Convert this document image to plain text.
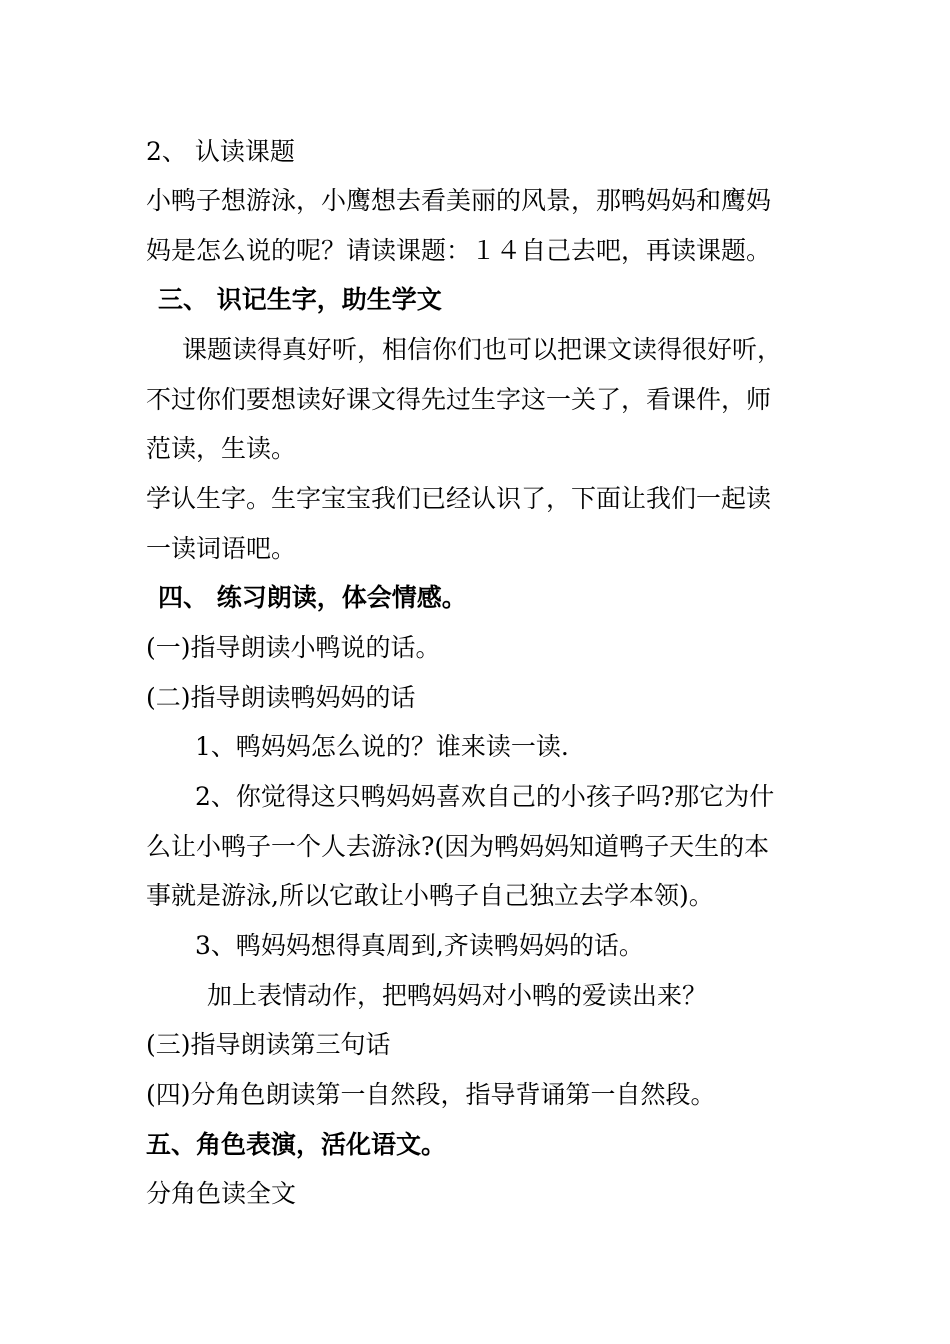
2、 认读课题
小鸭子想游泳，小鹰想去看美丽的风景，那鸭妈妈和鹰妈
妈是怎么说的呢？请读课题：１４自己去吧，再读课题。
三、 识记生字，助生学文
课题读得真好听，相信你们也可以把课文读得很好听，
不过你们要想读好课文得先过生字这一关了，看课件，师
范读，生读。
学认生字。生字宝宝我们已经认识了，下面让我们一起读
一读词语吧。
四、 练习朗读，体会情感。
(一)指导朗读小鸭说的话。
(二)指导朗读鸭妈妈的话
1、鸭妈妈怎么说的？谁来读一读.
2、你觉得这只鸭妈妈喜欢自己的小孩子吗?那它为什
么让小鸭子一个人去游泳?(因为鸭妈妈知道鸭子天生的本
事就是游泳,所以它敢让小鸭子自己独立去学本领)。
3、鸭妈妈想得真周到,齐读鸭妈妈的话。
加上表情动作，把鸭妈妈对小鸭的爱读出来？
(三)指导朗读第三句话
(四)分角色朗读第一自然段，指导背诵第一自然段。
五、角色表演，活化语文。
分角色读全文
